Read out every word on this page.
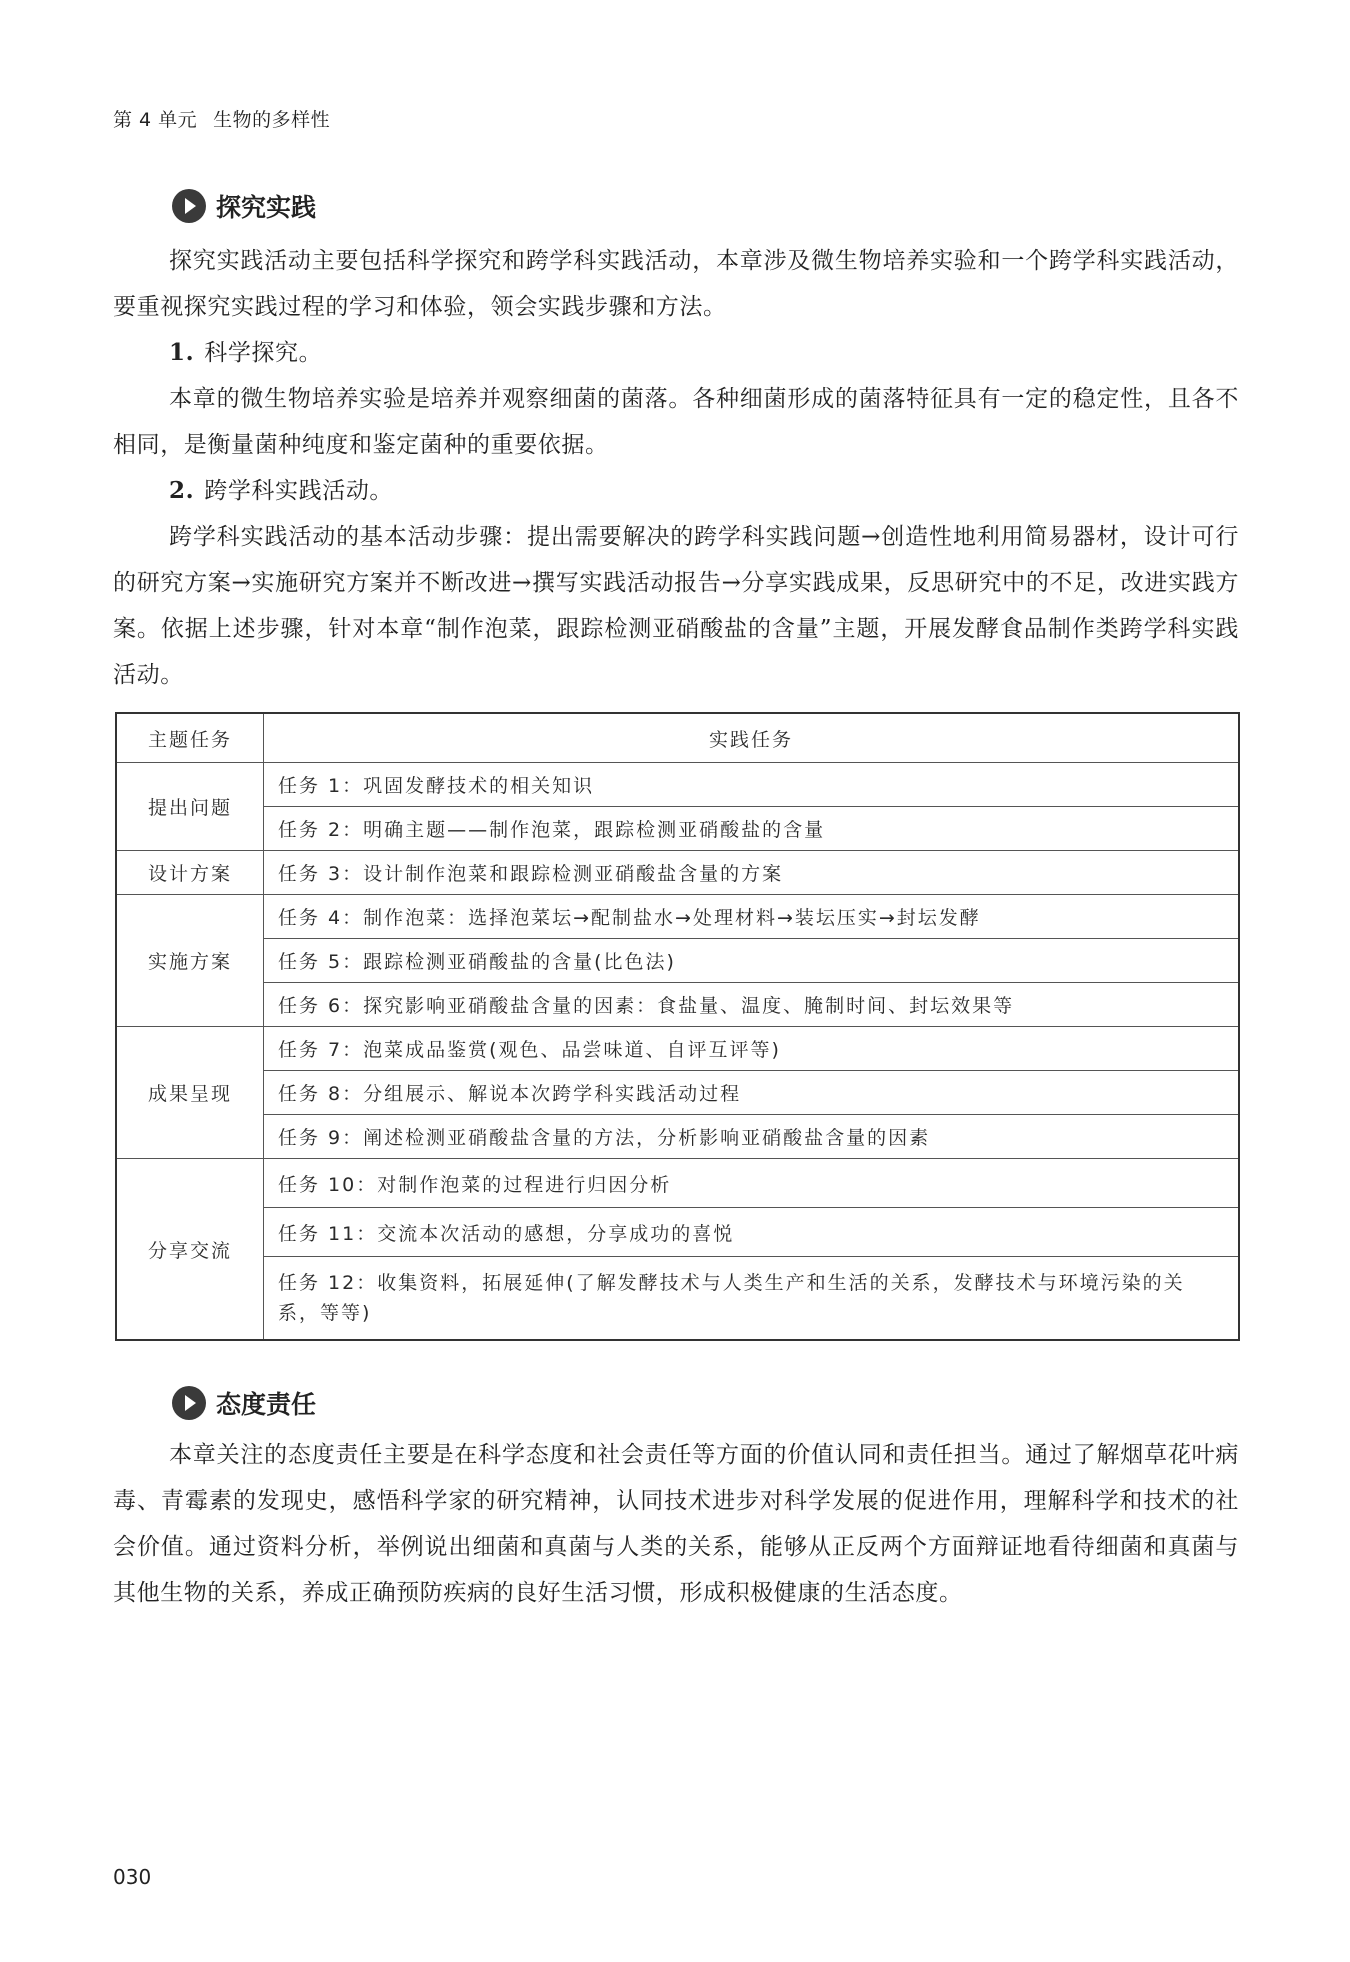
第 4 单元 生物的多样性
探究实践

探究实践活动主要包括科学探究和跨学科实践活动，本章涉及微生物培养实验和一个跨学科实践活动，要重视探究实践过程的学习和体验，领会实践步骤和方法。

1. 科学探究。

本章的微生物培养实验是培养并观察细菌的菌落。各种细菌形成的菌落特征具有一定的稳定性，且各不相同，是衡量菌种纯度和鉴定菌种的重要依据。

2. 跨学科实践活动。

跨学科实践活动的基本活动步骤：提出需要解决的跨学科实践问题→创造性地利用简易器材，设计可行的研究方案→实施研究方案并不断改进→撰写实践活动报告→分享实践成果，反思研究中的不足，改进实践方案。依据上述步骤，针对本章“制作泡菜，跟踪检测亚硝酸盐的含量”主题，开展发酵食品制作类跨学科实践活动。

主题任务	实践任务
提出问题	任务 1：巩固发酵技术的相关知识
	任务 2：明确主题——制作泡菜，跟踪检测亚硝酸盐的含量
设计方案	任务 3：设计制作泡菜和跟踪检测亚硝酸盐含量的方案
实施方案	任务 4：制作泡菜：选择泡菜坛→配制盐水→处理材料→装坛压实→封坛发酵
	任务 5：跟踪检测亚硝酸盐的含量(比色法)
	任务 6：探究影响亚硝酸盐含量的因素：食盐量、温度、腌制时间、封坛效果等
成果呈现	任务 7：泡菜成品鉴赏(观色、品尝味道、自评互评等)
	任务 8：分组展示、解说本次跨学科实践活动过程
	任务 9：阐述检测亚硝酸盐含量的方法，分析影响亚硝酸盐含量的因素
分享交流	任务 10：对制作泡菜的过程进行归因分析
	任务 11：交流本次活动的感想，分享成功的喜悦
	任务 12：收集资料，拓展延伸(了解发酵技术与人类生产和生活的关系，发酵技术与环境污染的关系，等等)
态度责任

本章关注的态度责任主要是在科学态度和社会责任等方面的价值认同和责任担当。通过了解烟草花叶病毒、青霉素的发现史，感悟科学家的研究精神，认同技术进步对科学发展的促进作用，理解科学和技术的社会价值。通过资料分析，举例说出细菌和真菌与人类的关系，能够从正反两个方面辩证地看待细菌和真菌与其他生物的关系，养成正确预防疾病的良好生活习惯，形成积极健康的生活态度。

030
